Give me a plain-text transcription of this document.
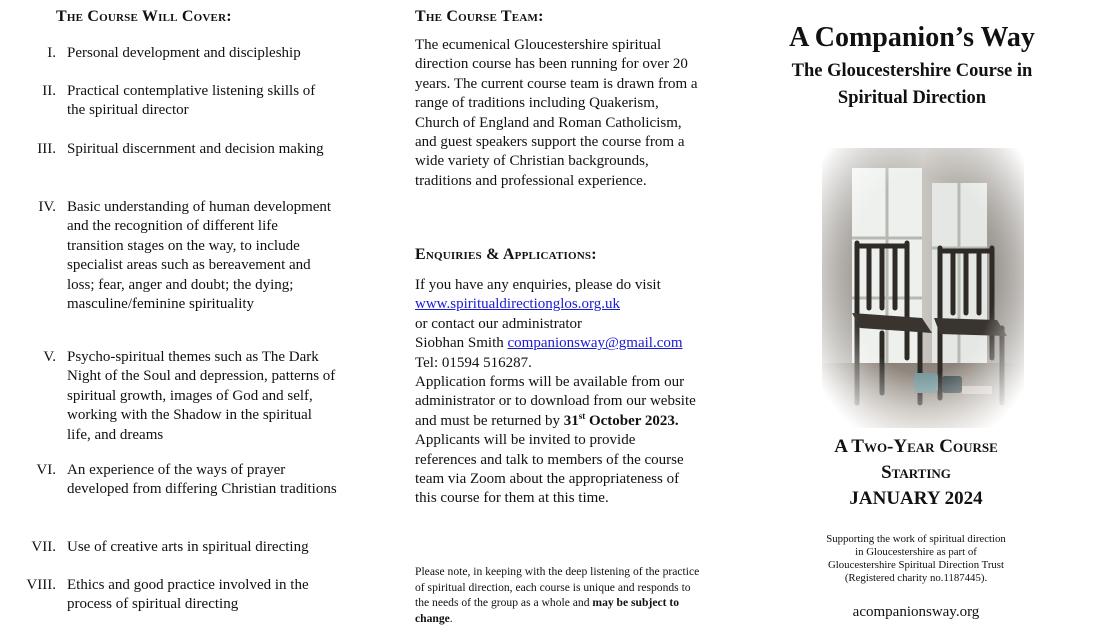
The Course Will Cover:
I. Personal development and discipleship
II. Practical contemplative listening skills of the spiritual director
III. Spiritual discernment and decision making
IV. Basic understanding of human development and the recognition of different life transition stages on the way, to include specialist areas such as bereavement and loss; fear, anger and doubt; the dying; masculine/feminine spirituality
V. Psycho-spiritual themes such as The Dark Night of the Soul and depression, patterns of spiritual growth, images of God and self, working with the Shadow in the spiritual life, and dreams
VI. An experience of the ways of prayer developed from differing Christian traditions
VII. Use of creative arts in spiritual directing
VIII. Ethics and good practice involved in the process of spiritual directing
The Course Team:
The ecumenical Gloucestershire spiritual direction course has been running for over 20 years. The current course team is drawn from a range of traditions including Quakerism, Church of England and Roman Catholicism, and guest speakers support the course from a wide variety of Christian backgrounds, traditions and professional experience.
Enquiries & Applications:
If you have any enquiries, please do visit
www.spiritualdirectionglos.org.uk
or contact our administrator
Siobhan Smith companionsway@gmail.com
Tel: 01594 516287.
Application forms will be available from our administrator or to download from our website and must be returned by 31st October 2023.
Applicants will be invited to provide references and talk to members of the course team via Zoom about the appropriateness of this course for them at this time.
Please note, in keeping with the deep listening of the practice of spiritual direction, each course is unique and responds to the needs of the group as a whole and may be subject to change.
A Companion’s Way
The Gloucestershire Course in
Spiritual Direction
A Two-Year Course
Starting
JANUARY 2024
Supporting the work of spiritual direction
in Gloucestershire as part of
Gloucestershire Spiritual Direction Trust
(Registered charity no.1187445).
acompanionsway.org
